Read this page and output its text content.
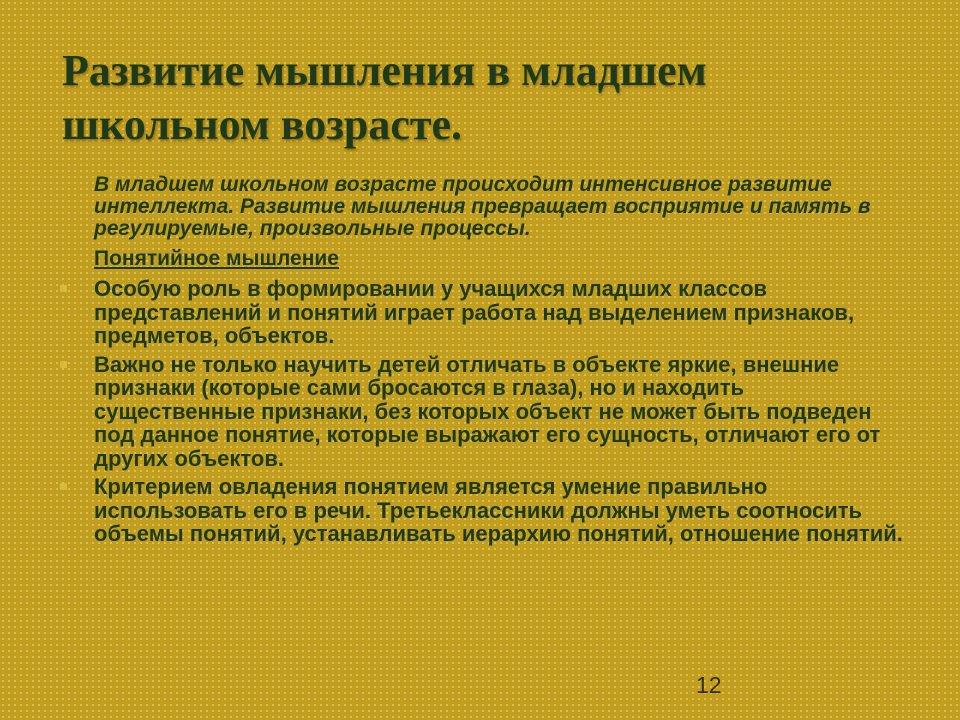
Развитие мышления в младшем школьном возрасте.
В младшем школьном возрасте происходит интенсивное развитие интеллекта. Развитие мышления превращает восприятие и память в регулируемые, произвольные процессы.
Понятийное мышление
Особую роль в формировании у учащихся младших классов представлений и понятий играет работа над выделением признаков, предметов, объектов.
Важно не только научить детей отличать в объекте яркие, внешние признаки (которые сами бросаются в глаза), но и находить существенные признаки, без которых объект не может быть подведен под данное понятие, которые выражают его сущность, отличают его от других объектов.
Критерием овладения понятием является умение правильно использовать его в речи. Третьеклассники должны уметь соотносить объемы понятий, устанавливать иерархию понятий, отношение понятий.
12
